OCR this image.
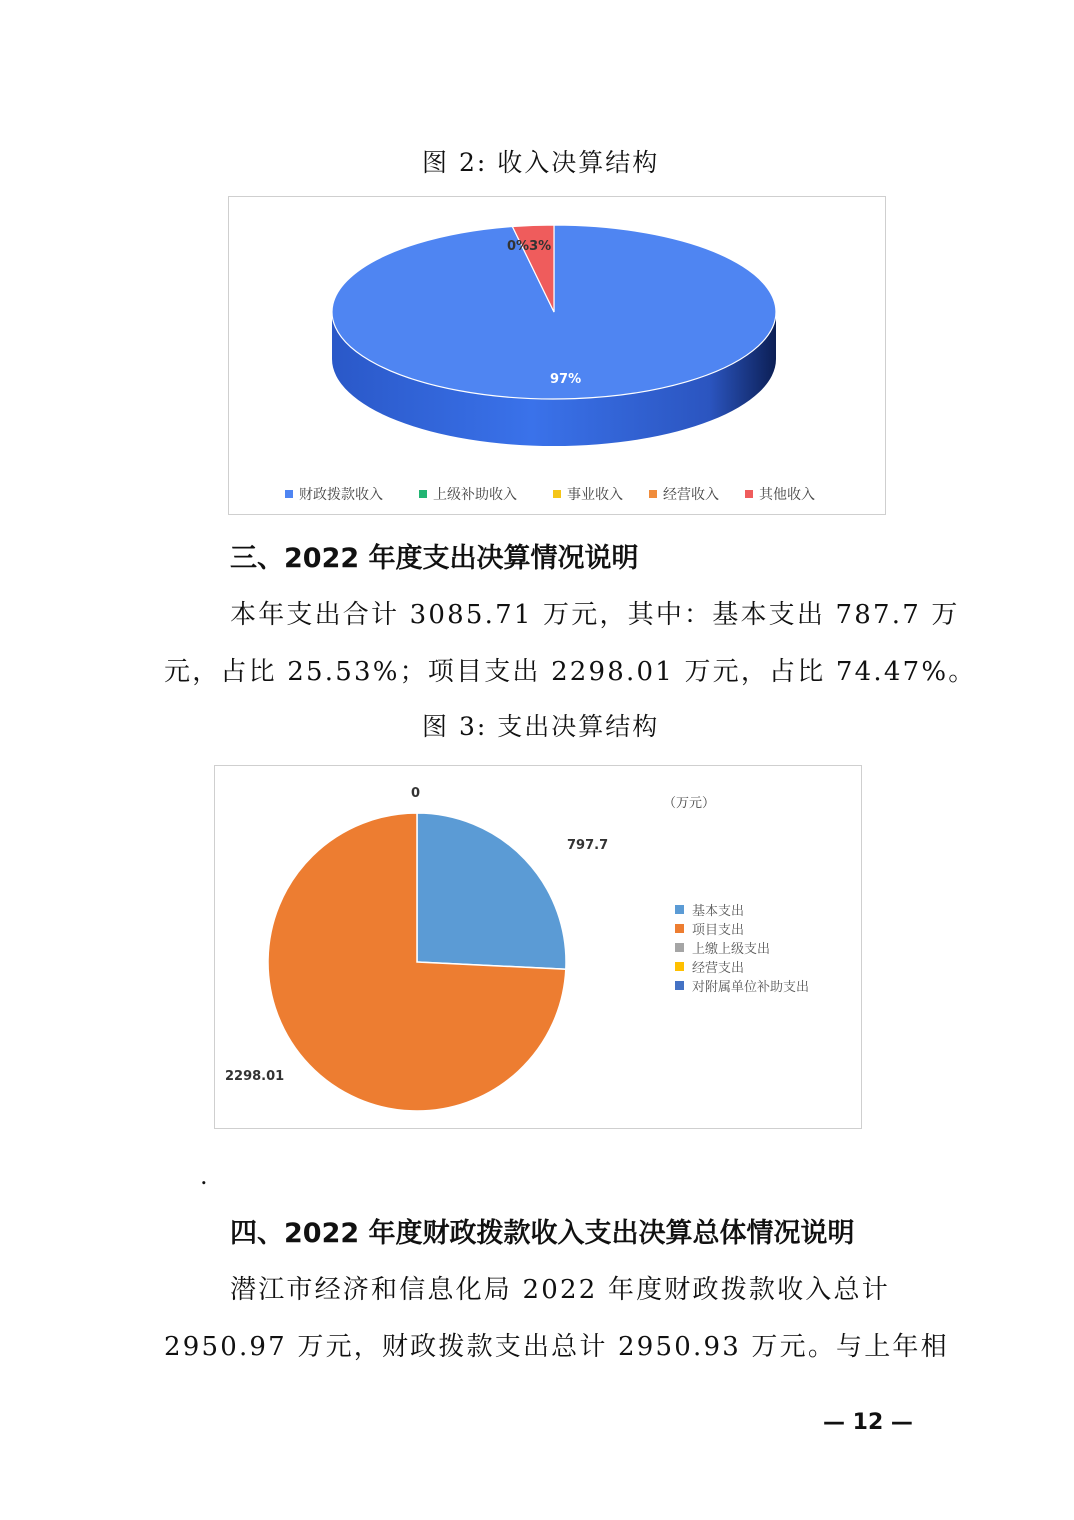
图 2: 收入决算结构
97%
0%3%
财政拨款收入	上级补助收入	事业收入	经营收入	其他收入
三、2022 年度支出决算情况说明
本年支出合计 3085.71 万元，其中：基本支出 787.7 万
元，占比 25.53%；项目支出 2298.01 万元，占比 74.47%。
图 3: 支出决算结构
0
797.7
2298.01
（万元）
基本支出
项目支出
上缴上级支出
经营支出
对附属单位补助支出
.
四、2022 年度财政拨款收入支出决算总体情况说明
潜江市经济和信息化局 2022 年度财政拨款收入总计
2950.97 万元，财政拨款支出总计 2950.93 万元。与上年相
— 12 —
